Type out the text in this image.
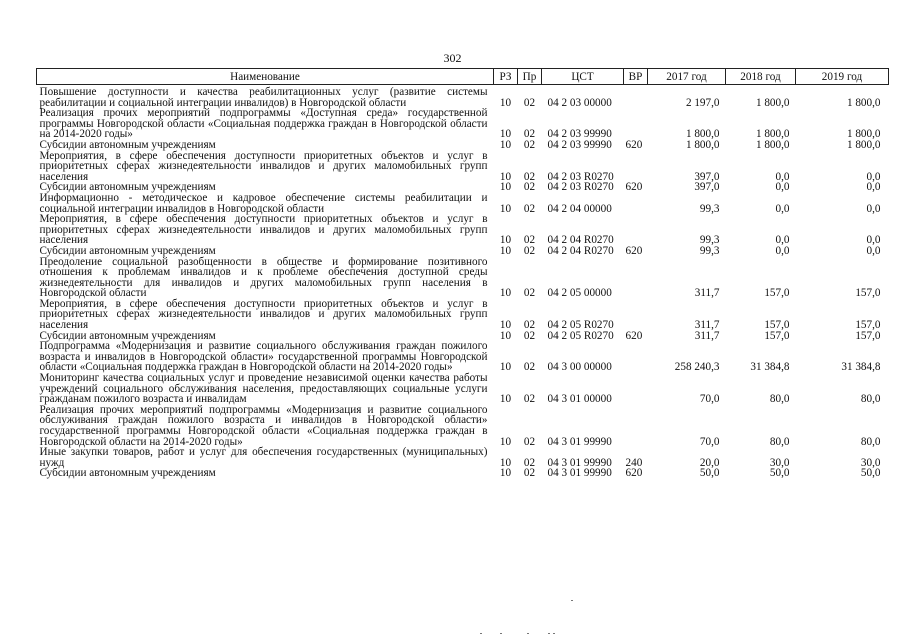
302
Наименование	РЗ	Пр	ЦСТ	ВР	2017 год	2018 год	2019 год
Повышение доступности и качества реабилитационных услуг (развитие системы реабилитации и социальной интеграции инвалидов) в Новгородской области	10	02	04 2 03 00000		2 197,0	1 800,0	1 800,0
Реализация прочих мероприятий подпрограммы «Доступная среда» государственной программы Новгородской области «Социальная поддержка граждан в Новгородской области на 2014-2020 годы»	10	02	04 2 03 99990		1 800,0	1 800,0	1 800,0
Субсидии автономным учреждениям	10	02	04 2 03 99990	620	1 800,0	1 800,0	1 800,0
Мероприятия, в сфере обеспечения доступности приоритетных объектов и услуг в приоритетных сферах жизнедеятельности инвалидов и других маломобильных групп населения	10	02	04 2 03 R0270		397,0	0,0	0,0
Субсидии автономным учреждениям	10	02	04 2 03 R0270	620	397,0	0,0	0,0
Информационно - методическое и кадровое обеспечение системы реабилитации и социальной интеграции инвалидов в Новгородской области	10	02	04 2 04 00000		99,3	0,0	0,0
Мероприятия, в сфере обеспечения доступности приоритетных объектов и услуг в приоритетных сферах жизнедеятельности инвалидов и других маломобильных групп населения	10	02	04 2 04 R0270		99,3	0,0	0,0
Субсидии автономным учреждениям	10	02	04 2 04 R0270	620	99,3	0,0	0,0
Преодоление социальной разобщенности в обществе и формирование позитивного отношения к проблемам инвалидов и к проблеме обеспечения доступной среды жизнедеятельности для инвалидов и других маломобильных групп населения в Новгородской области	10	02	04 2 05 00000		311,7	157,0	157,0
Мероприятия, в сфере обеспечения доступности приоритетных объектов и услуг в приоритетных сферах жизнедеятельности инвалидов и других маломобильных групп населения	10	02	04 2 05 R0270		311,7	157,0	157,0
Субсидии автономным учреждениям	10	02	04 2 05 R0270	620	311,7	157,0	157,0
Подпрограмма «Модернизация и развитие социального обслуживания граждан пожилого возраста и инвалидов в Новгородской области» государственной программы Новгородской области «Социальная поддержка граждан в Новгородской области на 2014-2020 годы»	10	02	04 3 00 00000		258 240,3	31 384,8	31 384,8
Мониторинг качества социальных услуг и проведение независимой оценки качества работы учреждений социального обслуживания населения, предоставляющих социальные услуги гражданам пожилого возраста и инвалидам	10	02	04 3 01 00000		70,0	80,0	80,0
Реализация прочих мероприятий подпрограммы «Модернизация и развитие социального обслуживания граждан пожилого возраста и инвалидов в Новгородской области» государственной программы Новгородской области «Социальная поддержка граждан в Новгородской области на 2014-2020 годы»	10	02	04 3 01 99990		70,0	80,0	80,0
Иные закупки товаров, работ и услуг для обеспечения государственных (муниципальных) нужд	10	02	04 3 01 99990	240	20,0	30,0	30,0
Субсидии автономным учреждениям	10	02	04 3 01 99990	620	50,0	50,0	50,0
